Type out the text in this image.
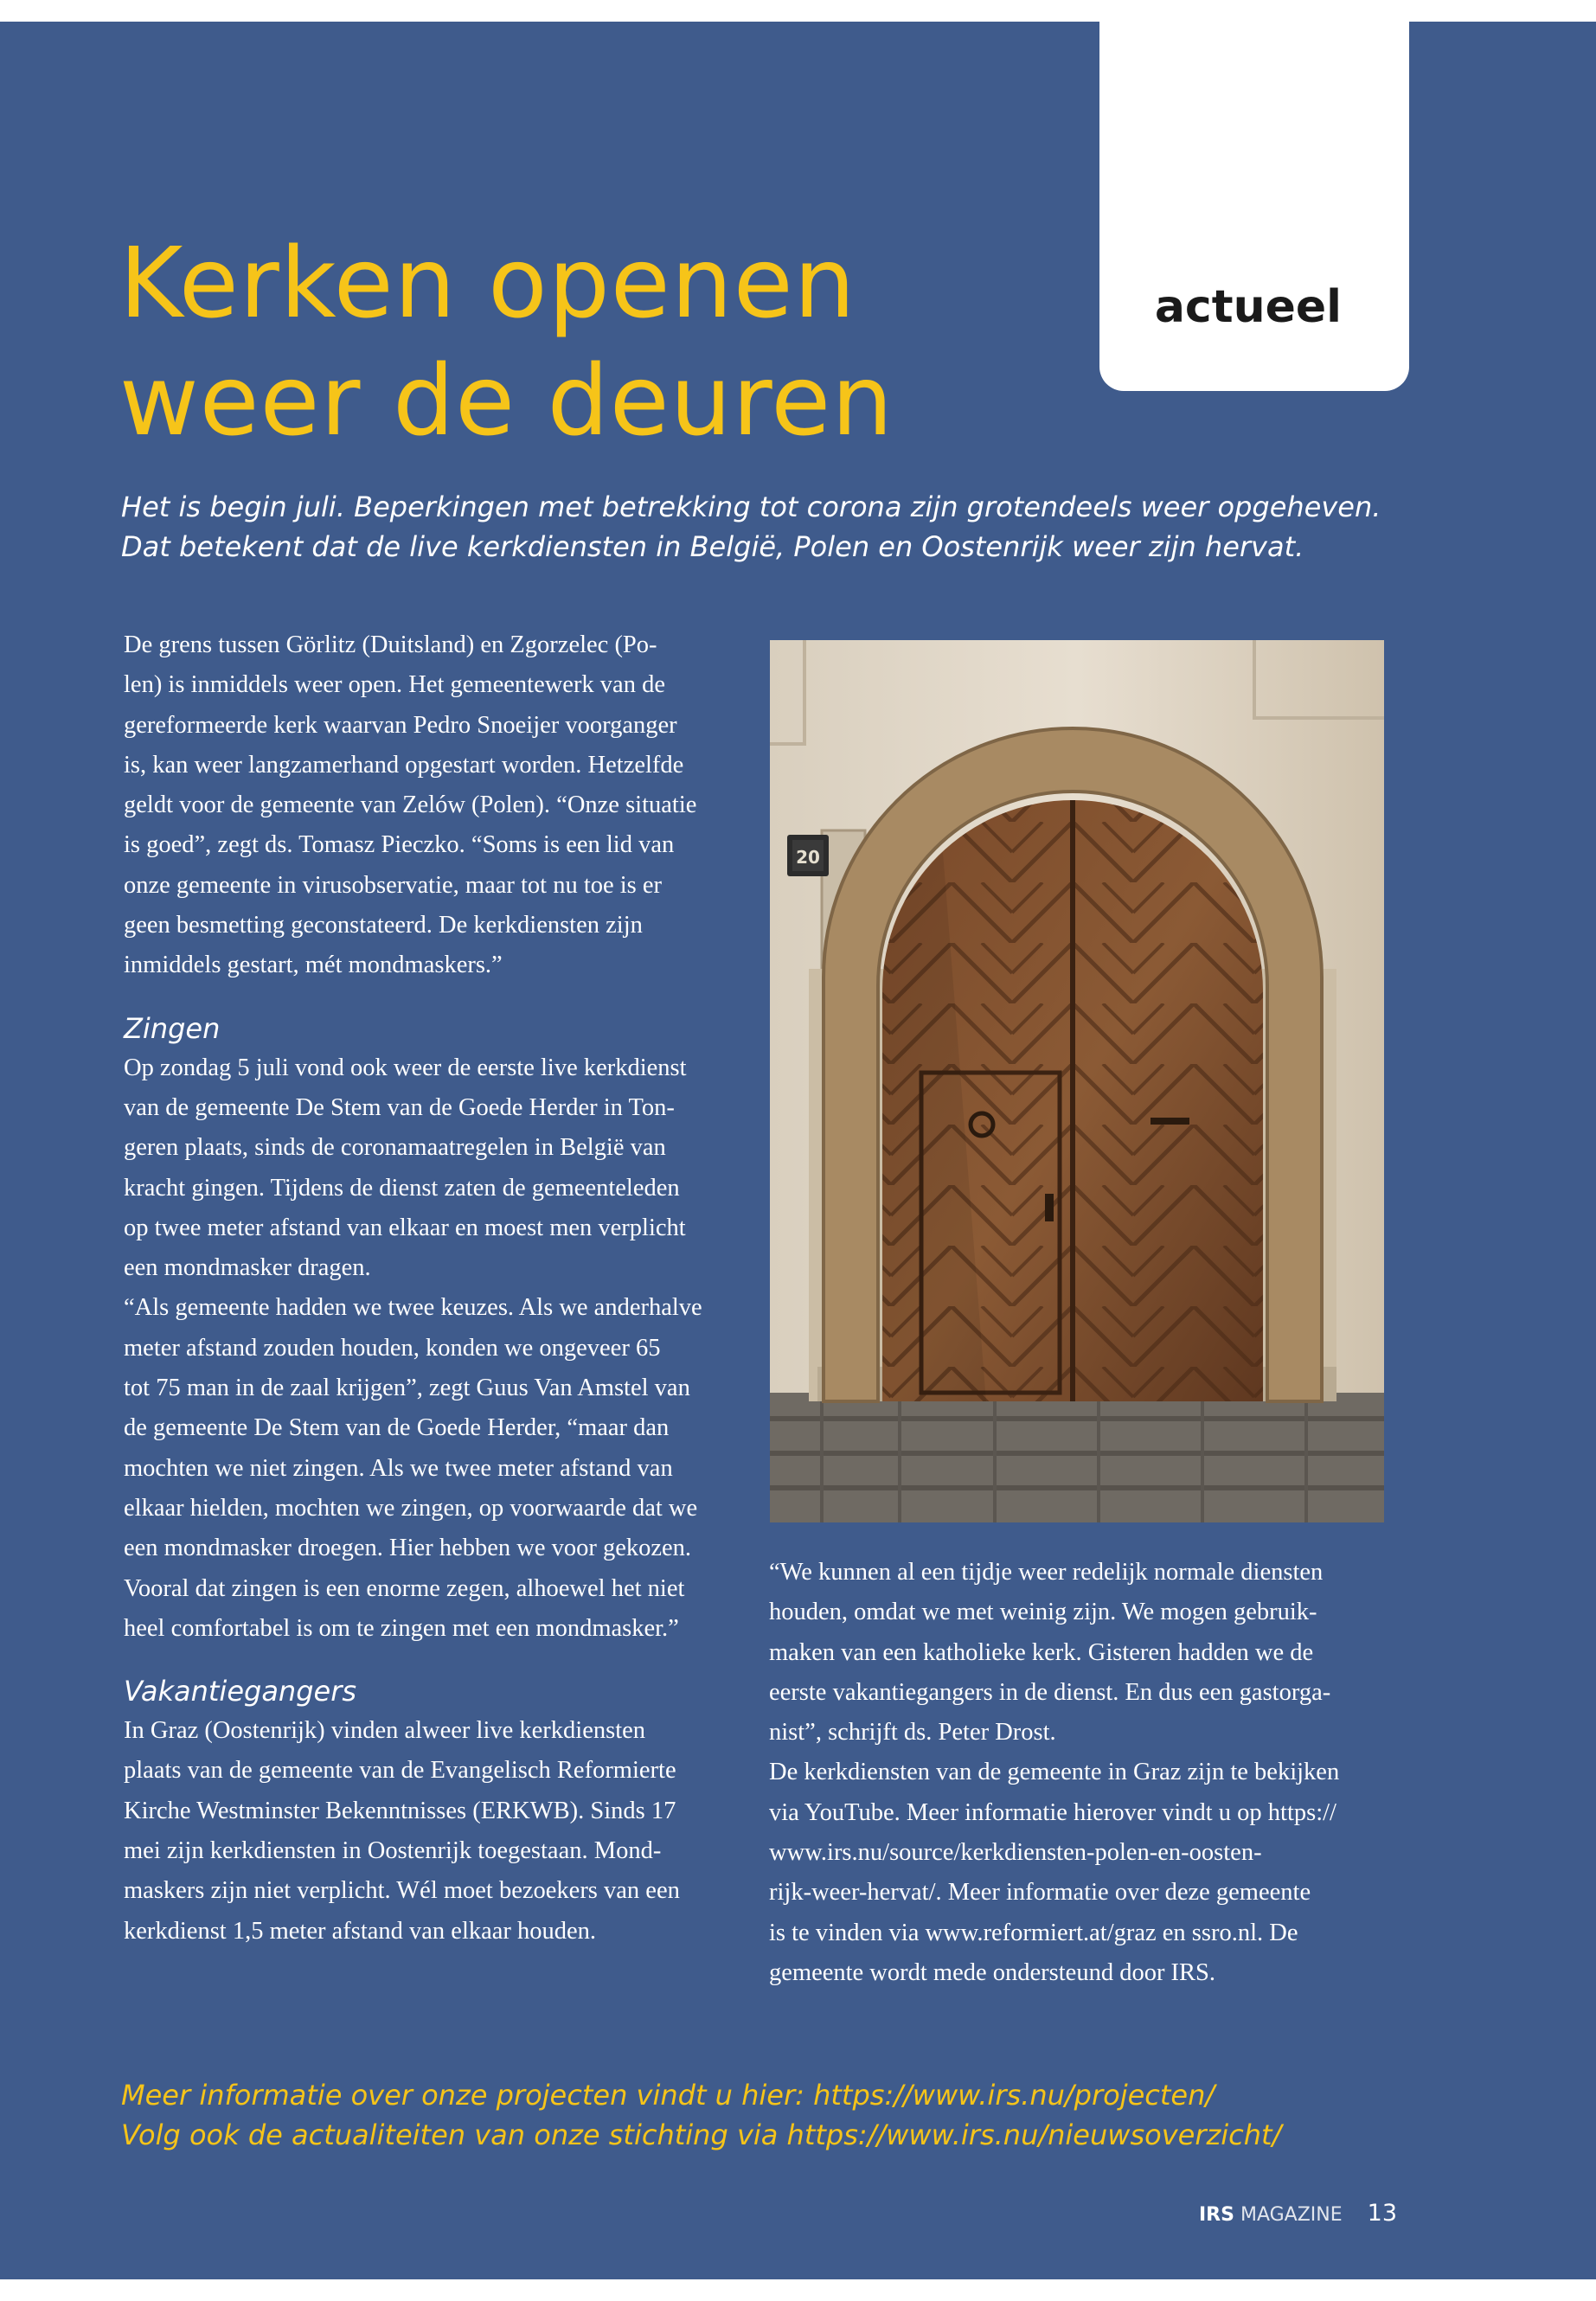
actueel
Kerken openen
weer de deuren

Het is begin juli. Beperkingen met betrekking tot corona zijn grotendeels weer opgeheven.
Dat betekent dat de live kerkdiensten in België, Polen en Oostenrijk weer zijn hervat.

De grens tussen Görlitz (Duitsland) en Zgorzelec (Po-
len) is inmiddels weer open. Het gemeentewerk van de
gereformeerde kerk waarvan Pedro Snoeijer voorganger
is, kan weer langzamerhand opgestart worden. Hetzelfde
geldt voor de gemeente van Zelów (Polen). “Onze situatie
is goed”, zegt ds. Tomasz Pieczko. “Soms is een lid van
onze gemeente in virusobservatie, maar tot nu toe is er
geen besmetting geconstateerd. De kerkdiensten zijn
inmiddels gestart, mét mondmaskers.”
Zingen
Op zondag 5 juli vond ook weer de eerste live kerkdienst
van de gemeente De Stem van de Goede Herder in Ton-
geren plaats, sinds de coronamaatregelen in België van
kracht gingen. Tijdens de dienst zaten de gemeenteleden
op twee meter afstand van elkaar en moest men verplicht
een mondmasker dragen.
“Als gemeente hadden we twee keuzes. Als we anderhalve
meter afstand zouden houden, konden we ongeveer 65
tot 75 man in de zaal krijgen”, zegt Guus Van Amstel van
de gemeente De Stem van de Goede Herder, “maar dan
mochten we niet zingen. Als we twee meter afstand van
elkaar hielden, mochten we zingen, op voorwaarde dat we
een mondmasker droegen. Hier hebben we voor gekozen.
Vooral dat zingen is een enorme zegen, alhoewel het niet
heel comfortabel is om te zingen met een mondmasker.”
Vakantiegangers
In Graz (Oostenrijk) vinden alweer live kerkdiensten
plaats van de gemeente van de Evangelisch Reformierte
Kirche Westminster Bekenntnisses (ERKWB). Sinds 17
mei zijn kerkdiensten in Oostenrijk toegestaan. Mond-
maskers zijn niet verplicht. Wél moet bezoekers van een
kerkdienst 1,5 meter afstand van elkaar houden.
20
“We kunnen al een tijdje weer redelijk normale diensten
houden, omdat we met weinig zijn. We mogen gebruik-
maken van een katholieke kerk. Gisteren hadden we de
eerste vakantiegangers in de dienst. En dus een gastorga-
nist”, schrijft ds. Peter Drost.
De kerkdiensten van de gemeente in Graz zijn te bekijken
via YouTube. Meer informatie hierover vindt u op https://
www.irs.nu/source/kerkdiensten-polen-en-oosten-
rijk-weer-hervat/. Meer informatie over deze gemeente
is te vinden via www.reformiert.at/graz en ssro.nl. De
gemeente wordt mede ondersteund door IRS.
Meer informatie over onze projecten vindt u hier: https://www.irs.nu/projecten/
Volg ook de actualiteiten van onze stichting via https://www.irs.nu/nieuwsoverzicht/
IRS MAGAZINE 13
